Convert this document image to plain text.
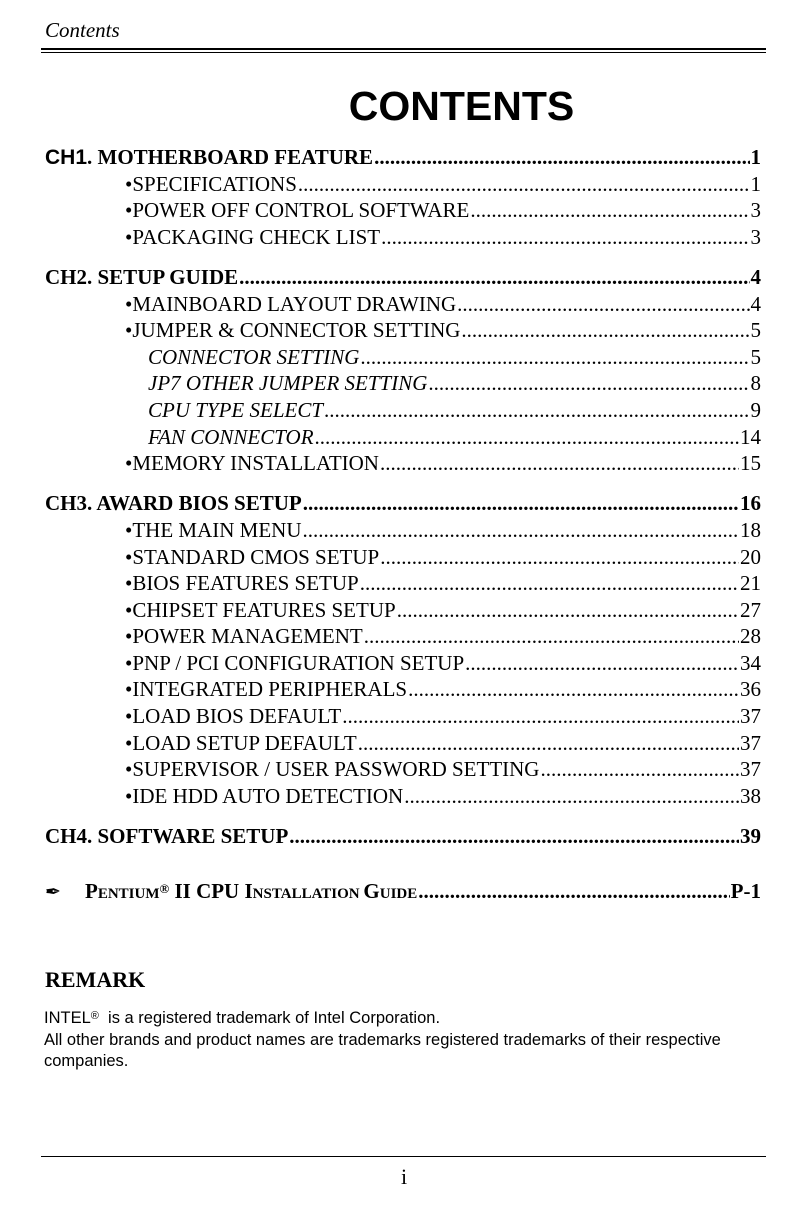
Contents
CONTENTS
CH1. MOTHERBOARD FEATURE .....	1
•SPECIFICATIONS .....	1
•POWER OFF CONTROL SOFTWARE .....	3
•PACKAGING CHECK LIST .....	3
CH2. SETUP GUIDE .....	4
•MAINBOARD LAYOUT DRAWING .....	4
•JUMPER & CONNECTOR SETTING .....	5
CONNECTOR SETTING .....	5
JP7 OTHER JUMPER SETTING .....	8
CPU TYPE SELECT .....	9
FAN CONNECTOR .....	14
•MEMORY INSTALLATION .....	15
CH3. AWARD BIOS SETUP .....	16
•THE MAIN MENU .....	18
•STANDARD CMOS SETUP .....	20
•BIOS FEATURES SETUP .....	21
•CHIPSET FEATURES SETUP .....	27
•POWER MANAGEMENT .....	28
•PNP / PCI CONFIGURATION SETUP .....	34
•INTEGRATED PERIPHERALS .....	36
•LOAD BIOS DEFAULT .....	37
•LOAD SETUP DEFAULT .....	37
•SUPERVISOR / USER PASSWORD SETTING .....	37
•IDE HDD AUTO DETECTION .....	38
CH4. SOFTWARE SETUP .....	39
✒ PENTIUM® II CPU INSTALLATION GUIDE .....	P-1
REMARK
INTEL®  is a registered trademark of Intel Corporation.
All other brands and product names are trademarks registered trademarks of their respective companies.
i
